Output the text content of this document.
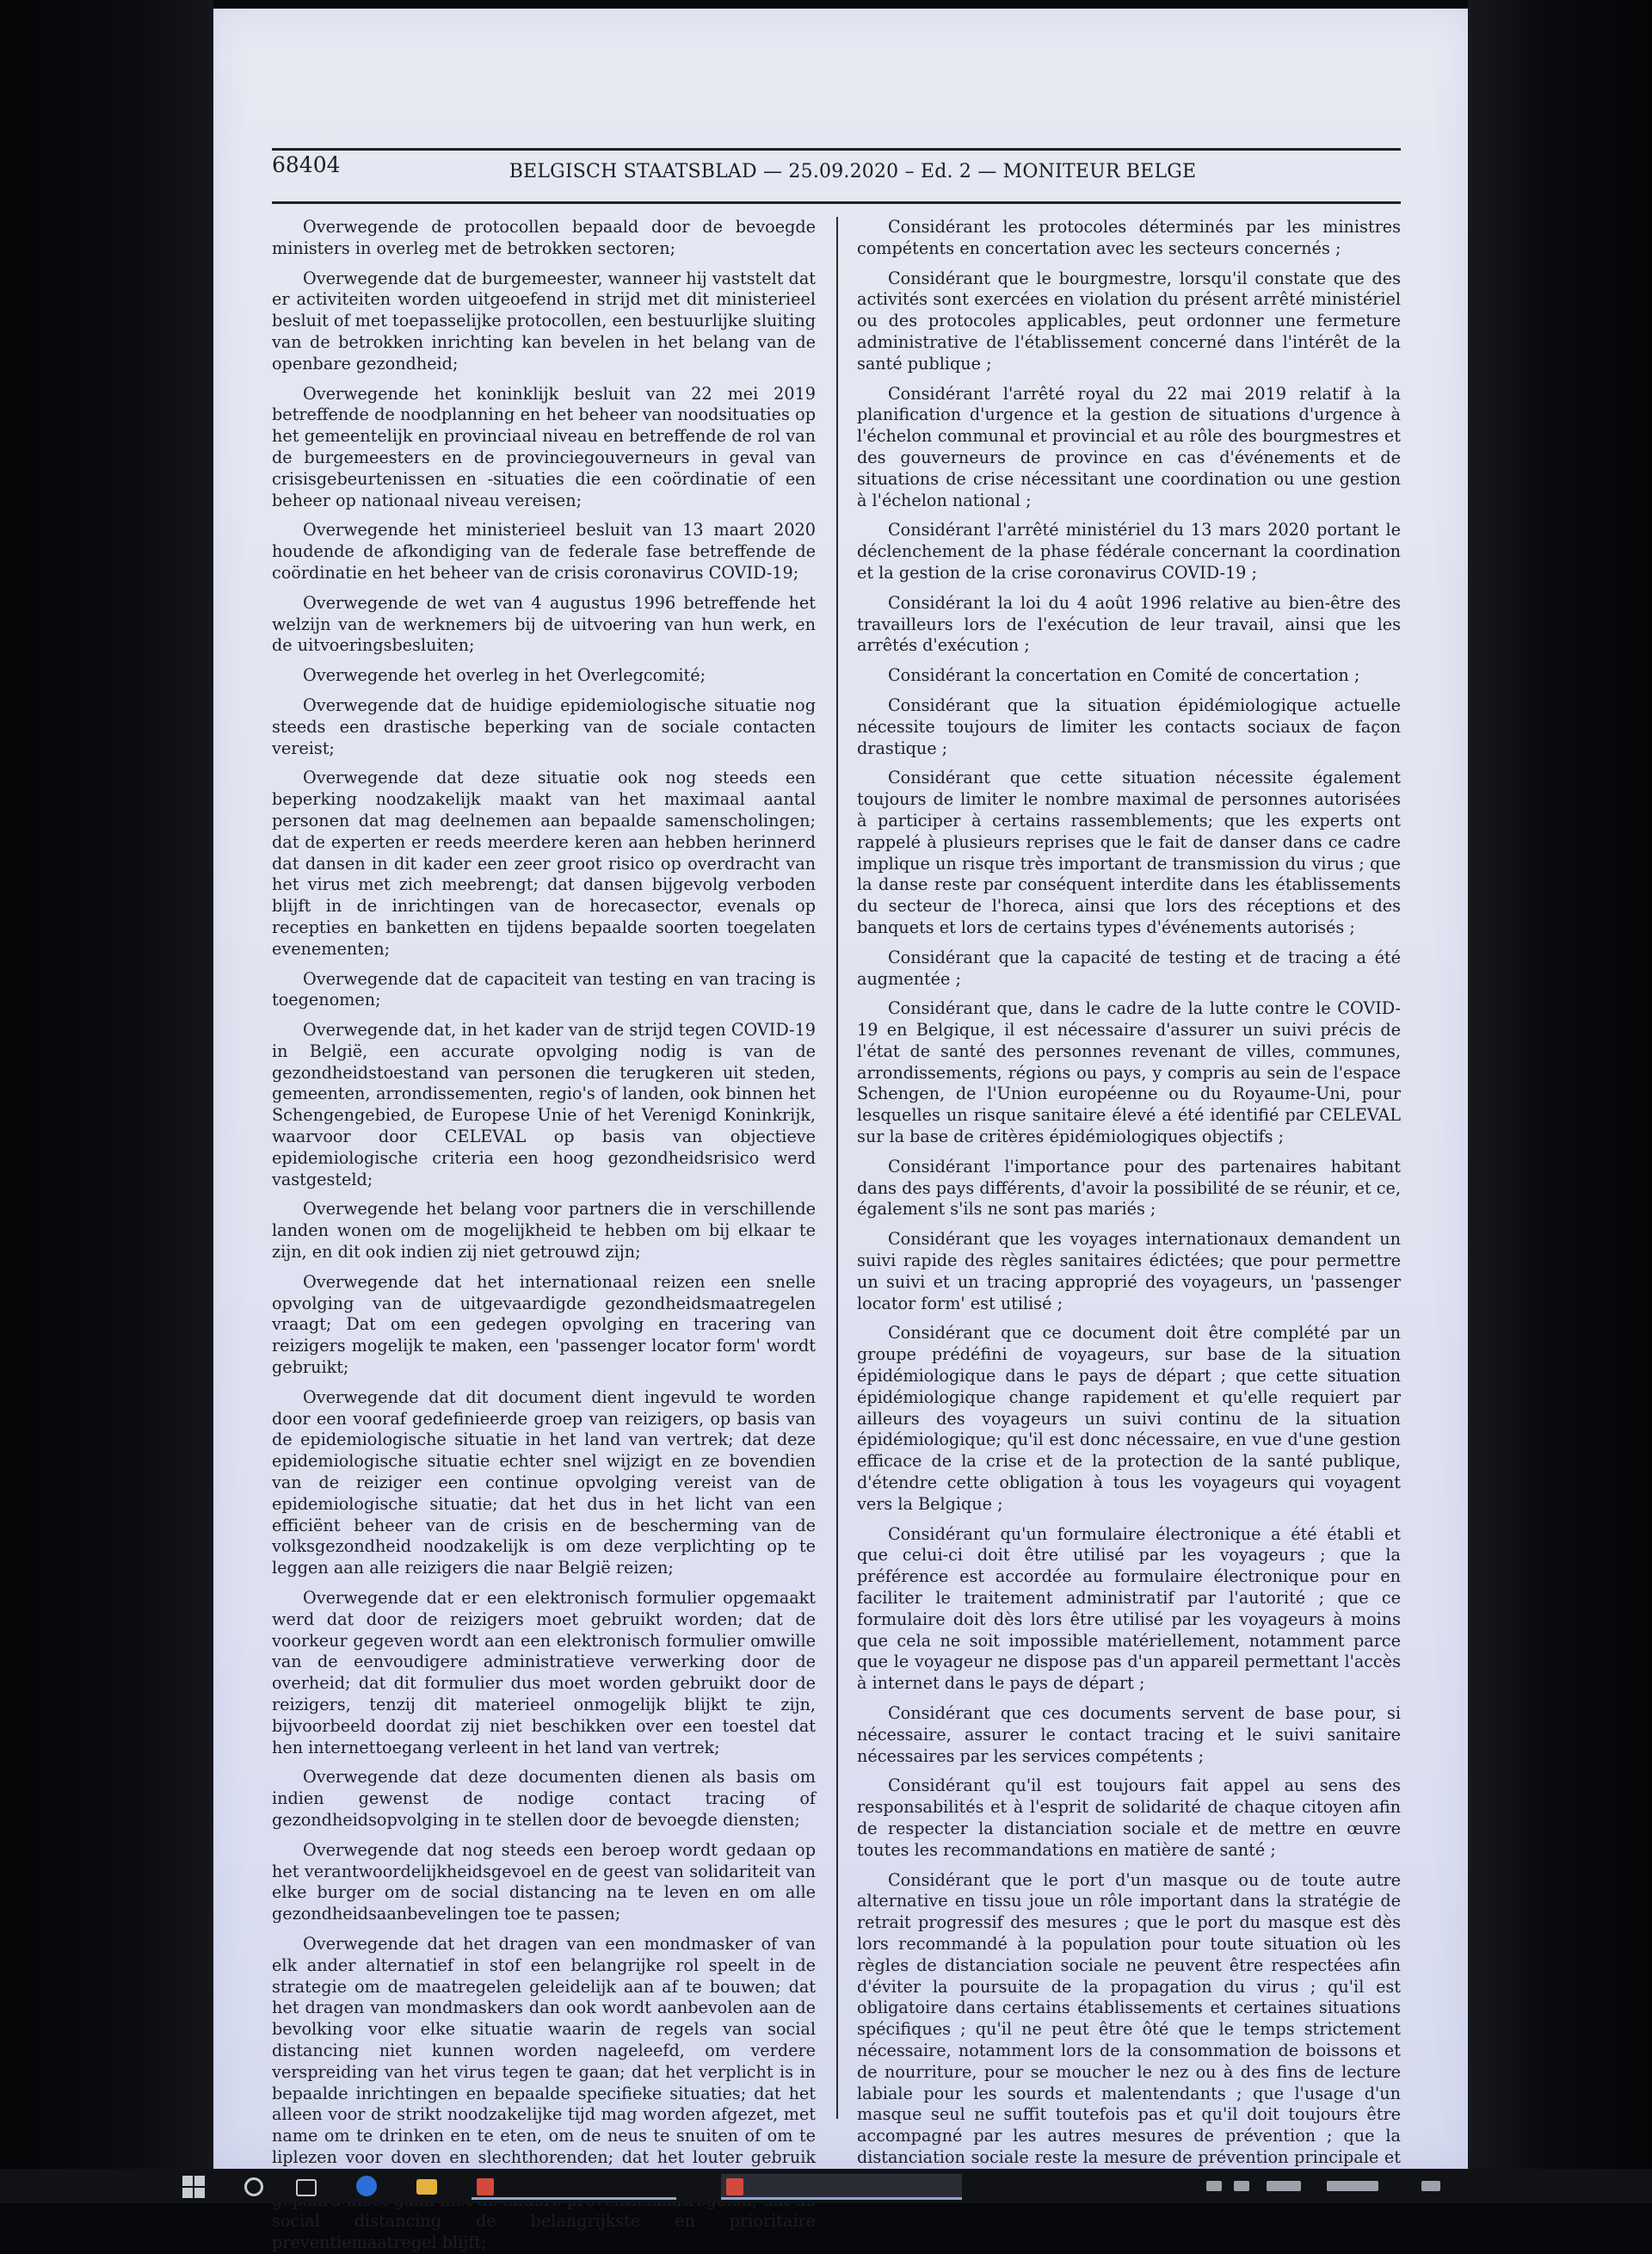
68404	BELGISCH STAATSBLAD — 25.09.2020 – Ed. 2 — MONITEUR BELGE

Overwegende de protocollen bepaald door de bevoegde ministers in overleg met de betrokken sectoren;

Overwegende dat de burgemeester, wanneer hij vaststelt dat er activiteiten worden uitgeoefend in strijd met dit ministerieel besluit of met toepasselijke protocollen, een bestuurlijke sluiting van de betrokken inrichting kan bevelen in het belang van de openbare gezondheid;

Overwegende het koninklijk besluit van 22 mei 2019 betreffende de noodplanning en het beheer van noodsituaties op het gemeentelijk en provinciaal niveau en betreffende de rol van de burgemeesters en de provinciegouverneurs in geval van crisisgebeurtenissen en -situaties die een coördinatie of een beheer op nationaal niveau vereisen;

Overwegende het ministerieel besluit van 13 maart 2020 houdende de afkondiging van de federale fase betreffende de coördinatie en het beheer van de crisis coronavirus COVID-19;

Overwegende de wet van 4 augustus 1996 betreffende het welzijn van de werknemers bij de uitvoering van hun werk, en de uitvoeringsbesluiten;

Overwegende het overleg in het Overlegcomité;

Overwegende dat de huidige epidemiologische situatie nog steeds een drastische beperking van de sociale contacten vereist;

Overwegende dat deze situatie ook nog steeds een beperking noodzakelijk maakt van het maximaal aantal personen dat mag deelnemen aan bepaalde samenscholingen; dat de experten er reeds meerdere keren aan hebben herinnerd dat dansen in dit kader een zeer groot risico op overdracht van het virus met zich meebrengt; dat dansen bijgevolg verboden blijft in de inrichtingen van de horecasector, evenals op recepties en banketten en tijdens bepaalde soorten toegelaten evenementen;

Overwegende dat de capaciteit van testing en van tracing is toegenomen;

Overwegende dat, in het kader van de strijd tegen COVID-19 in België, een accurate opvolging nodig is van de gezondheidstoestand van personen die terugkeren uit steden, gemeenten, arrondissementen, regio's of landen, ook binnen het Schengengebied, de Europese Unie of het Verenigd Koninkrijk, waarvoor door CELEVAL op basis van objectieve epidemiologische criteria een hoog gezondheidsrisico werd vastgesteld;

Overwegende het belang voor partners die in verschillende landen wonen om de mogelijkheid te hebben om bij elkaar te zijn, en dit ook indien zij niet getrouwd zijn;

Overwegende dat het internationaal reizen een snelle opvolging van de uitgevaardigde gezondheidsmaatregelen vraagt; Dat om een gedegen opvolging en tracering van reizigers mogelijk te maken, een 'passenger locator form' wordt gebruikt;

Overwegende dat dit document dient ingevuld te worden door een vooraf gedefinieerde groep van reizigers, op basis van de epidemiologische situatie in het land van vertrek; dat deze epidemiologische situatie echter snel wijzigt en ze bovendien van de reiziger een continue opvolging vereist van de epidemiologische situatie; dat het dus in het licht van een efficiënt beheer van de crisis en de bescherming van de volksgezondheid noodzakelijk is om deze verplichting op te leggen aan alle reizigers die naar België reizen;

Overwegende dat er een elektronisch formulier opgemaakt werd dat door de reizigers moet gebruikt worden; dat de voorkeur gegeven wordt aan een elektronisch formulier omwille van de eenvoudigere administratieve verwerking door de overheid; dat dit formulier dus moet worden gebruikt door de reizigers, tenzij dit materieel onmogelijk blijkt te zijn, bijvoorbeeld doordat zij niet beschikken over een toestel dat hen internettoegang verleent in het land van vertrek;

Overwegende dat deze documenten dienen als basis om indien gewenst de nodige contact tracing of gezondheidsopvolging in te stellen door de bevoegde diensten;

Overwegende dat nog steeds een beroep wordt gedaan op het verantwoordelijkheidsgevoel en de geest van solidariteit van elke burger om de social distancing na te leven en om alle gezondheidsaanbevelingen toe te passen;

Overwegende dat het dragen van een mondmasker of van elk ander alternatief in stof een belangrijke rol speelt in de strategie om de maatregelen geleidelijk aan af te bouwen; dat het dragen van mondmaskers dan ook wordt aanbevolen aan de bevolking voor elke situatie waarin de regels van social distancing niet kunnen worden nageleefd, om verdere verspreiding van het virus tegen te gaan; dat het verplicht is in bepaalde inrichtingen en bepaalde specifieke situaties; dat het alleen voor de strikt noodzakelijke tijd mag worden afgezet, met name om te drinken en te eten, om de neus te snuiten of om te liplezen voor doven en slechthorenden; dat het louter gebruik social distancing de belangrijkste en prioritaire preventiemaatregel blijft;

Considérant les protocoles déterminés par les ministres compétents en concertation avec les secteurs concernés ;

Considérant que le bourgmestre, lorsqu'il constate que des activités sont exercées en violation du présent arrêté ministériel ou des protocoles applicables, peut ordonner une fermeture administrative de l'établissement concerné dans l'intérêt de la santé publique ;

Considérant l'arrêté royal du 22 mai 2019 relatif à la planification d'urgence et la gestion de situations d'urgence à l'échelon communal et provincial et au rôle des bourgmestres et des gouverneurs de province en cas d'événements et de situations de crise nécessitant une coordination ou une gestion à l'échelon national ;

Considérant l'arrêté ministériel du 13 mars 2020 portant le déclenchement de la phase fédérale concernant la coordination et la gestion de la crise coronavirus COVID-19 ;

Considérant la loi du 4 août 1996 relative au bien-être des travailleurs lors de l'exécution de leur travail, ainsi que les arrêtés d'exécution ;

Considérant la concertation en Comité de concertation ;

Considérant que la situation épidémiologique actuelle nécessite toujours de limiter les contacts sociaux de façon drastique ;

Considérant que cette situation nécessite également toujours de limiter le nombre maximal de personnes autorisées à participer à certains rassemblements; que les experts ont rappelé à plusieurs reprises que le fait de danser dans ce cadre implique un risque très important de transmission du virus ; que la danse reste par conséquent interdite dans les établissements du secteur de l'horeca, ainsi que lors des réceptions et des banquets et lors de certains types d'événements autorisés ;

Considérant que la capacité de testing et de tracing a été augmentée ;

Considérant que, dans le cadre de la lutte contre le COVID-19 en Belgique, il est nécessaire d'assurer un suivi précis de l'état de santé des personnes revenant de villes, communes, arrondissements, régions ou pays, y compris au sein de l'espace Schengen, de l'Union européenne ou du Royaume-Uni, pour lesquelles un risque sanitaire élevé a été identifié par CELEVAL sur la base de critères épidémiologiques objectifs ;

Considérant l'importance pour des partenaires habitant dans des pays différents, d'avoir la possibilité de se réunir, et ce, également s'ils ne sont pas mariés ;

Considérant que les voyages internationaux demandent un suivi rapide des règles sanitaires édictées; que pour permettre un suivi et un tracing approprié des voyageurs, un 'passenger locator form' est utilisé ;

Considérant que ce document doit être complété par un groupe prédéfini de voyageurs, sur base de la situation épidémiologique dans le pays de départ ; que cette situation épidémiologique change rapidement et qu'elle requiert par ailleurs des voyageurs un suivi continu de la situation épidémiologique; qu'il est donc nécessaire, en vue d'une gestion efficace de la crise et de la protection de la santé publique, d'étendre cette obligation à tous les voyageurs qui voyagent vers la Belgique ;

Considérant qu'un formulaire électronique a été établi et que celui-ci doit être utilisé par les voyageurs ; que la préférence est accordée au formulaire électronique pour en faciliter le traitement administratif par l'autorité ; que ce formulaire doit dès lors être utilisé par les voyageurs à moins que cela ne soit impossible matériellement, notamment parce que le voyageur ne dispose pas d'un appareil permettant l'accès à internet dans le pays de départ ;

Considérant que ces documents servent de base pour, si nécessaire, assurer le contact tracing et le suivi sanitaire nécessaires par les services compétents ;

Considérant qu'il est toujours fait appel au sens des responsabilités et à l'esprit de solidarité de chaque citoyen afin de respecter la distanciation sociale et de mettre en œuvre toutes les recommandations en matière de santé ;

Considérant que le port d'un masque ou de toute autre alternative en tissu joue un rôle important dans la stratégie de retrait progressif des mesures ; que le port du masque est dès lors recommandé à la population pour toute situation où les règles de distanciation sociale ne peuvent être respectées afin d'éviter la poursuite de la propagation du virus ; qu'il est obligatoire dans certains établissements et certaines situations spécifiques ; qu'il ne peut être ôté que le temps strictement nécessaire, notamment lors de la consommation de boissons et de nourriture, pour se moucher le nez ou à des fins de lecture labiale pour les sourds et malentendants ; que l'usage d'un masque seul ne suffit toutefois pas et qu'il doit toujours être accompagné par les autres mesures de prévention ; que la distanciation sociale reste la mesure de prévention principale et
